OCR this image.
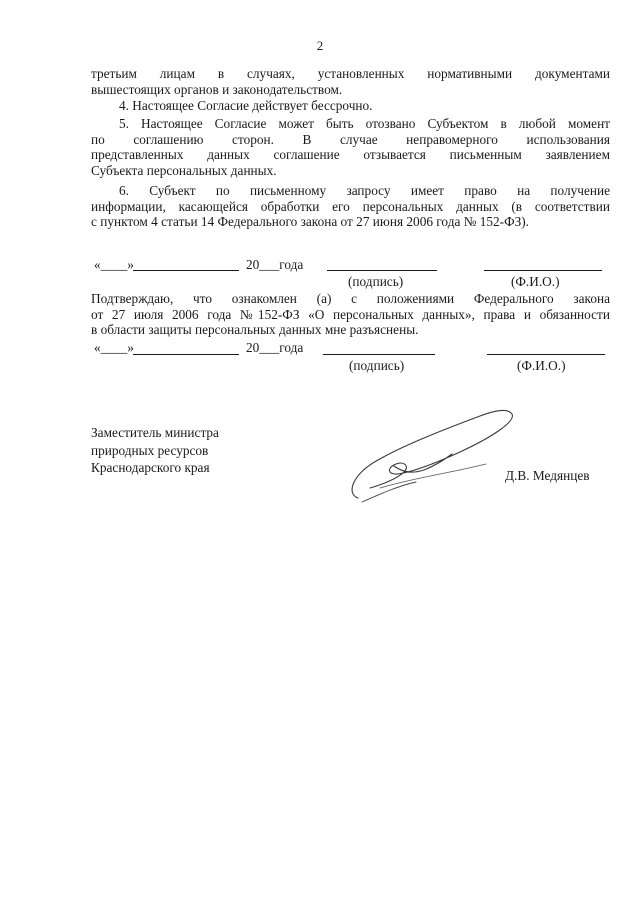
2
третьим лицам в случаях, установленных нормативными документами
вышестоящих органов и законодательством.
4. Настоящее Согласие действует бессрочно.
5. Настоящее Согласие может быть отозвано Субъектом в любой момент
по соглашению сторон. В случае неправомерного использования
представленных данных соглашение отзывается письменным заявлением
Субъекта персональных данных.
6. Субъект по письменному запросу имеет право на получение
информации, касающейся обработки его персональных данных (в соответствии
с пунктом 4 статьи 14 Федерального закона от 27 июня 2006 года № 152-ФЗ).
«____»	20___года
(подпись)	(Ф.И.О.)
Подтверждаю, что ознакомлен (а) с положениями Федерального закона
от 27 июля 2006 года №152-ФЗ «О персональных данных», права и обязанности
в области защиты персональных данных мне разъяснены.
«____»	20___года
(подпись)	(Ф.И.О.)
Заместитель министра
природных ресурсов
Краснодарского края
Д.В. Медянцев
